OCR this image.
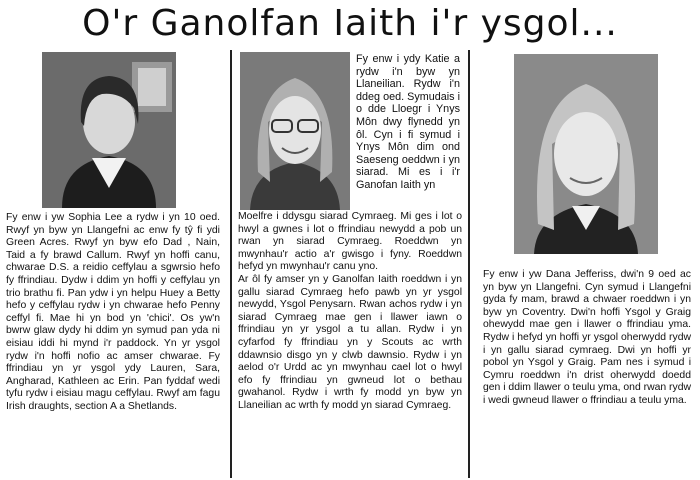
O'r Ganolfan Iaith i'r ysgol...

Fy enw i yw Sophia Lee a rydw i yn 10 oed. Rwyf yn byw yn Llangefni ac enw fy tŷ fi ydi Green Acres. Rwyf yn byw efo Dad , Nain, Taid a fy brawd Callum. Rwyf yn hoffi canu, chwarae D.S. a reidio ceffylau a sgwrsio hefo fy ffrindiau. Dydw i ddim yn hoffi y ceffylau yn trio brathu fi. Pan ydw i yn helpu Huey a Betty hefo y ceffylau rydw i yn chwarae hefo Penny ceffyl fi. Mae hi yn bod yn 'chici'. Os yw'n bwrw glaw dydy hi ddim yn symud pan yda ni eisiau iddi hi mynd i'r paddock. Yn yr ysgol rydw i'n hoffi nofio ac amser chwarae. Fy ffrindiau yn yr ysgol ydy Lauren, Sara, Angharad, Kathleen ac Erin. Pan fyddaf wedi tyfu rydw i eisiau magu ceffylau. Rwyf am fagu Irish draughts, section A a Shetlands.

Fy enw i ydy Katie a rydw i'n byw yn Llaneilian. Rydw i'n ddeg oed. Symudais i o dde Lloegr i Ynys Môn dwy flynedd yn ôl. Cyn i fi symud i Ynys Môn dim ond Saeseng oeddwn i yn siarad. Mi es i i'r Ganofan Iaith yn

Moelfre i ddysgu siarad Cymraeg. Mi ges i lot o hwyl a gwnes i lot o ffrindiau newydd a pob un rwan yn siarad Cymraeg. Roeddwn yn mwynhau'r actio a'r gwisgo i fyny. Roeddwn hefyd yn mwynhau'r canu yno.

Ar ôl fy amser yn y Ganolfan Iaith roeddwn i yn gallu siarad Cymraeg hefo pawb yn yr ysgol newydd, Ysgol Penysarn. Rwan achos rydw i yn siarad Cymraeg mae gen i llawer iawn o ffrindiau yn yr ysgol a tu allan. Rydw i yn cyfarfod fy ffrindiau yn y Scouts ac wrth ddawnsio disgo yn y clwb dawnsio. Rydw i yn aelod o'r Urdd ac yn mwynhau cael lot o hwyl efo fy ffrindiau yn gwneud lot o bethau gwahanol. Rydw i wrth fy modd yn byw yn Llaneilian ac wrth fy modd yn siarad Cymraeg.

Fy enw i yw Dana Jefferiss, dwi'n 9 oed ac yn byw yn Llangefni. Cyn symud i Llangefni gyda fy mam, brawd a chwaer roeddwn i yn byw yn Coventry. Dwi'n hoffi Ysgol y Graig ohewydd mae gen i llawer o ffrindiau yma. Rydw i hefyd yn hoffi yr ysgol oherwydd rydw i yn gallu siarad cymraeg. Dwi yn hoffi yr pobol yn Ysgol y Graig. Pam nes i symud i Cymru roeddwn i'n drist oherwydd doedd gen i ddim llawer o teulu yma, ond rwan rydw i wedi gwneud llawer o ffrindiau a teulu yma.
